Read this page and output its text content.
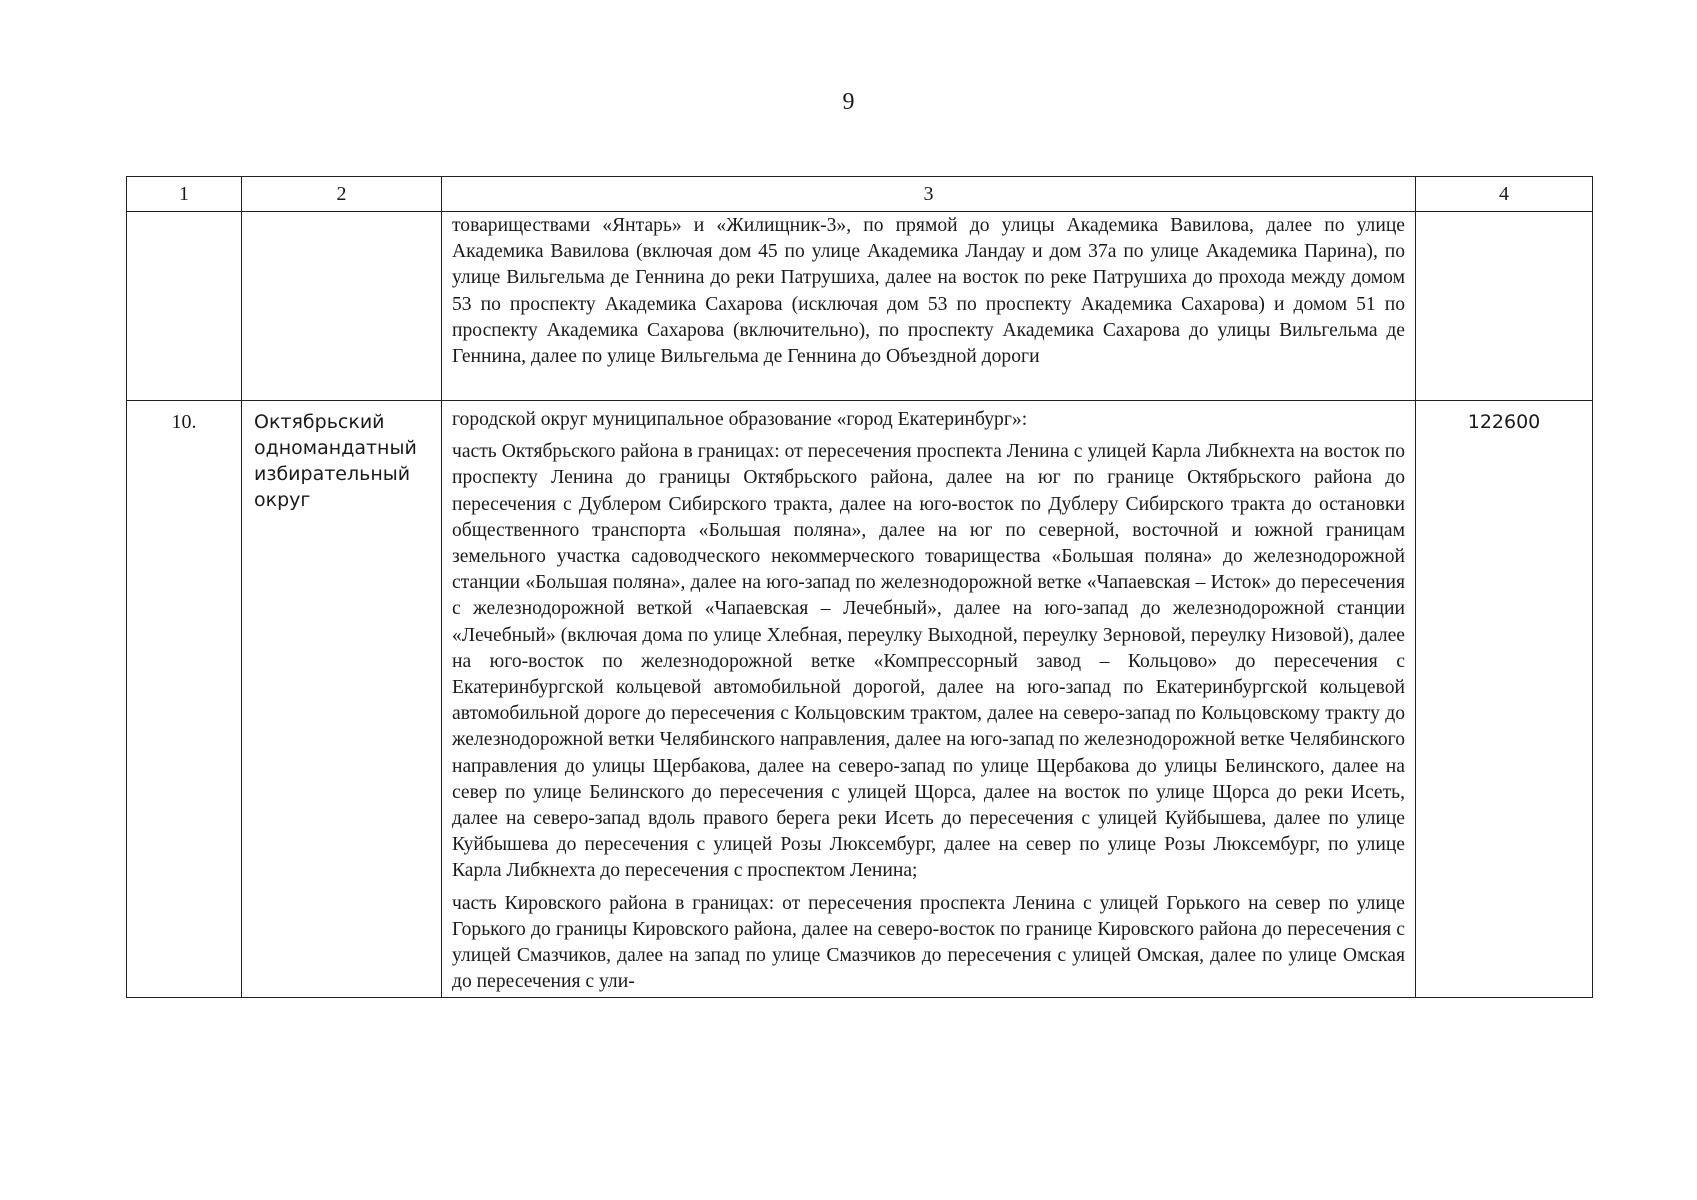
9
1	2	3	4

		товариществами «Янтарь» и «Жилищник-3», по прямой до улицы Академика Вавилова, далее по улице Академика Вавилова (включая дом 45 по улице Академика Ландау и дом 37а по улице Академика Парина), по улице Вильгельма де Геннина до реки Патрушиха, далее на восток по реке Патрушиха до прохода между домом 53 по проспекту Академика Сахарова (исключая дом 53 по проспекту Академика Сахарова) и домом 51 по проспекту Академика Сахарова (включительно), по проспекту Академика Сахарова до улицы Вильгельма де Геннина, далее по улице Вильгельма де Геннина до Объездной дороги	

10.	Октябрьский одномандатный избирательный округ	городской округ муниципальное образование «город Екатеринбург»:

часть Октябрьского района в границах: от пересечения проспекта Ленина с улицей Карла Либкнехта на восток по проспекту Ленина до границы Октябрьского района, далее на юг по границе Октябрьского района до пересечения с Дублером Сибирского тракта, далее на юго-восток по Дублеру Сибирского тракта до остановки общественного транспорта «Большая поляна», далее на юг по северной, восточной и южной границам земельного участка садоводческого некоммерческого товарищества «Большая поляна» до железнодорожной станции «Большая поляна», далее на юго-запад по железнодорожной ветке «Чапаевская – Исток» до пересечения с железнодорожной веткой «Чапаевская – Лечебный», далее на юго-запад до железнодорожной станции «Лечебный» (включая дома по улице Хлебная, переулку Выходной, переулку Зерновой, переулку Низовой), далее на юго-восток по железнодорожной ветке «Компрессорный завод – Кольцово» до пересечения с Екатеринбургской кольцевой автомобильной дорогой, далее на юго-запад по Екатеринбургской кольцевой автомобильной дороге до пересечения с Кольцовским трактом, далее на северо-запад по Кольцовскому тракту до железнодорожной ветки Челябинского направления, далее на юго-запад по железнодорожной ветке Челябинского направления до улицы Щербакова, далее на северо-запад по улице Щербакова до улицы Белинского, далее на север по улице Белинского до пересечения с улицей Щорса, далее на восток по улице Щорса до реки Исеть, далее на северо-запад вдоль правого берега реки Исеть до пересечения с улицей Куйбышева, далее по улице Куйбышева до пересечения с улицей Розы Люксембург, далее на север по улице Розы Люксембург, по улице Карла Либкнехта до пересечения с проспектом Ленина;

часть Кировского района в границах: от пересечения проспекта Ленина с улицей Горького на север по улице Горького до границы Кировского района, далее на северо-восток по границе Кировского района до пересечения с улицей Смазчиков, далее на запад по улице Смазчиков до пересечения с улицей Омская, далее по улице Омская до пересечения с ули-	122600
